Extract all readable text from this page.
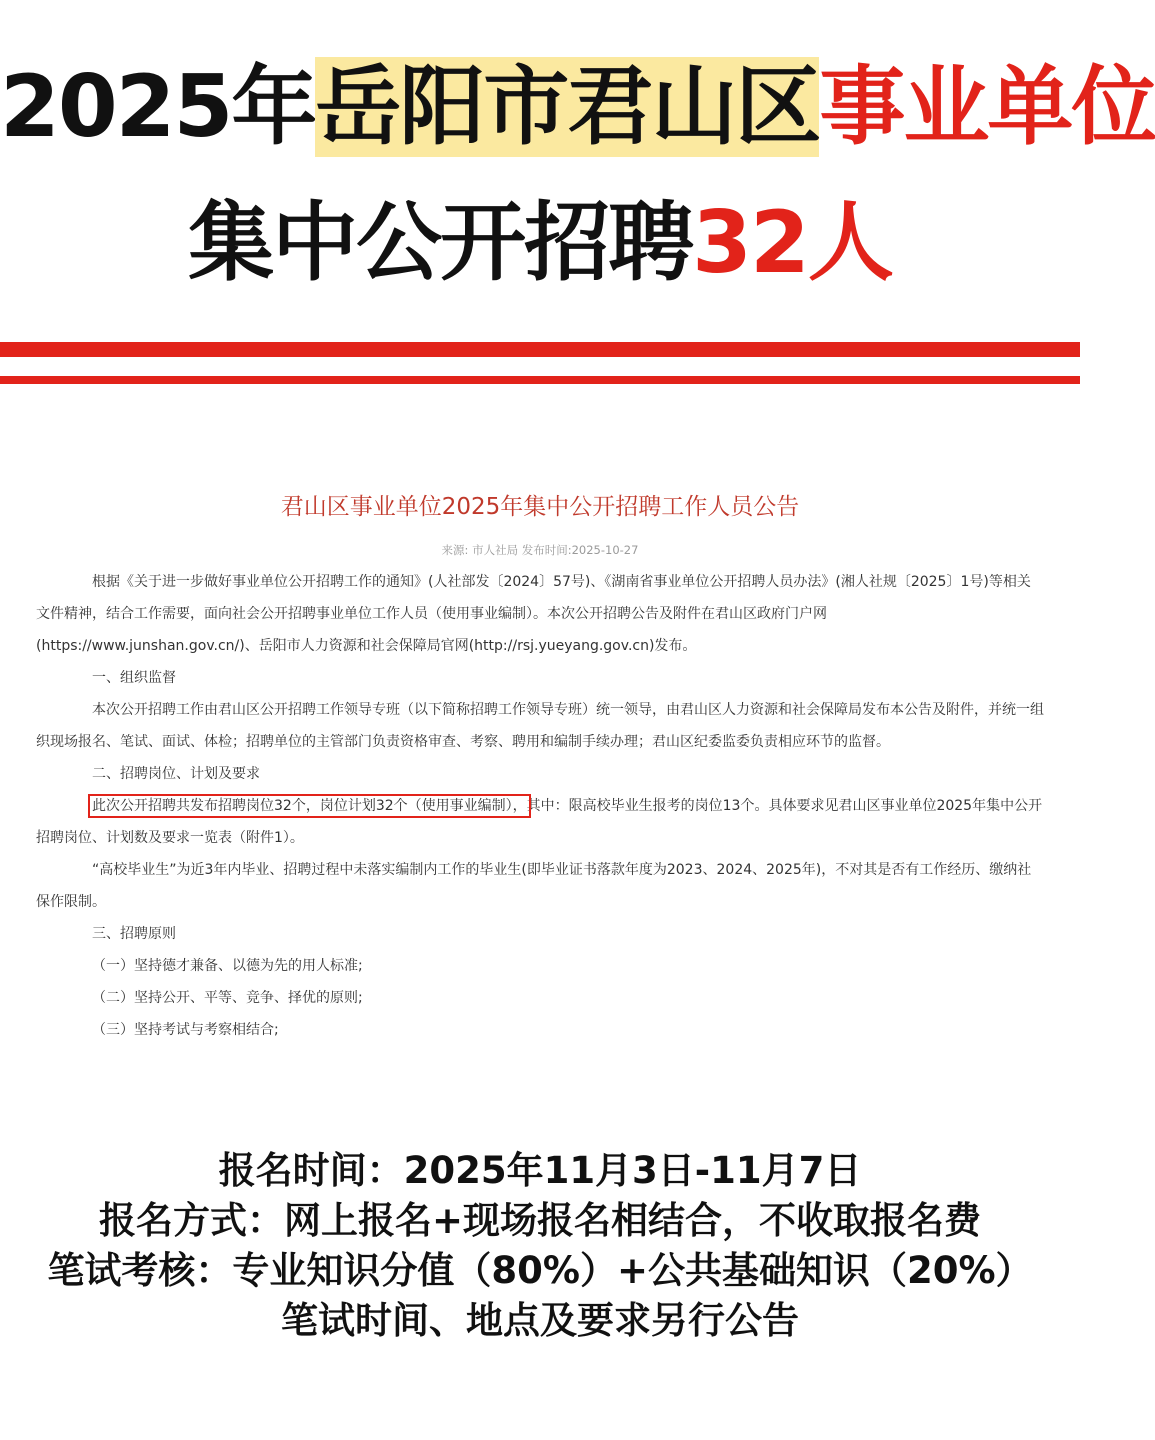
2025年岳阳市君山区事业单位
集中公开招聘32人
君山区事业单位2025年集中公开招聘工作人员公告
来源: 市人社局 发布时间:2025-10-27

根据《关于进一步做好事业单位公开招聘工作的通知》(人社部发〔2024〕57号)、《湖南省事业单位公开招聘人员办法》(湘人社规〔2025〕1号)等相关文件精神，结合工作需要，面向社会公开招聘事业单位工作人员（使用事业编制）。本次公开招聘公告及附件在君山区政府门户网(https://www.junshan.gov.cn/)、岳阳市人力资源和社会保障局官网(http://rsj.yueyang.gov.cn)发布。

一、组织监督

本次公开招聘工作由君山区公开招聘工作领导专班（以下简称招聘工作领导专班）统一领导，由君山区人力资源和社会保障局发布本公告及附件，并统一组织现场报名、笔试、面试、体检；招聘单位的主管部门负责资格审查、考察、聘用和编制手续办理；君山区纪委监委负责相应环节的监督。

二、招聘岗位、计划及要求

此次公开招聘共发布招聘岗位32个，岗位计划32个（使用事业编制），其中：限高校毕业生报考的岗位13个。具体要求见君山区事业单位2025年集中公开招聘岗位、计划数及要求一览表（附件1）。

“高校毕业生”为近3年内毕业、招聘过程中未落实编制内工作的毕业生(即毕业证书落款年度为2023、2024、2025年)，不对其是否有工作经历、缴纳社保作限制。

三、招聘原则

（一）坚持德才兼备、以德为先的用人标准;

（二）坚持公开、平等、竞争、择优的原则;

（三）坚持考试与考察相结合;

报名时间：2025年11月3日-11月7日
报名方式：网上报名+现场报名相结合，不收取报名费
笔试考核：专业知识分值（80%）+公共基础知识（20%）
笔试时间、地点及要求另行公告
